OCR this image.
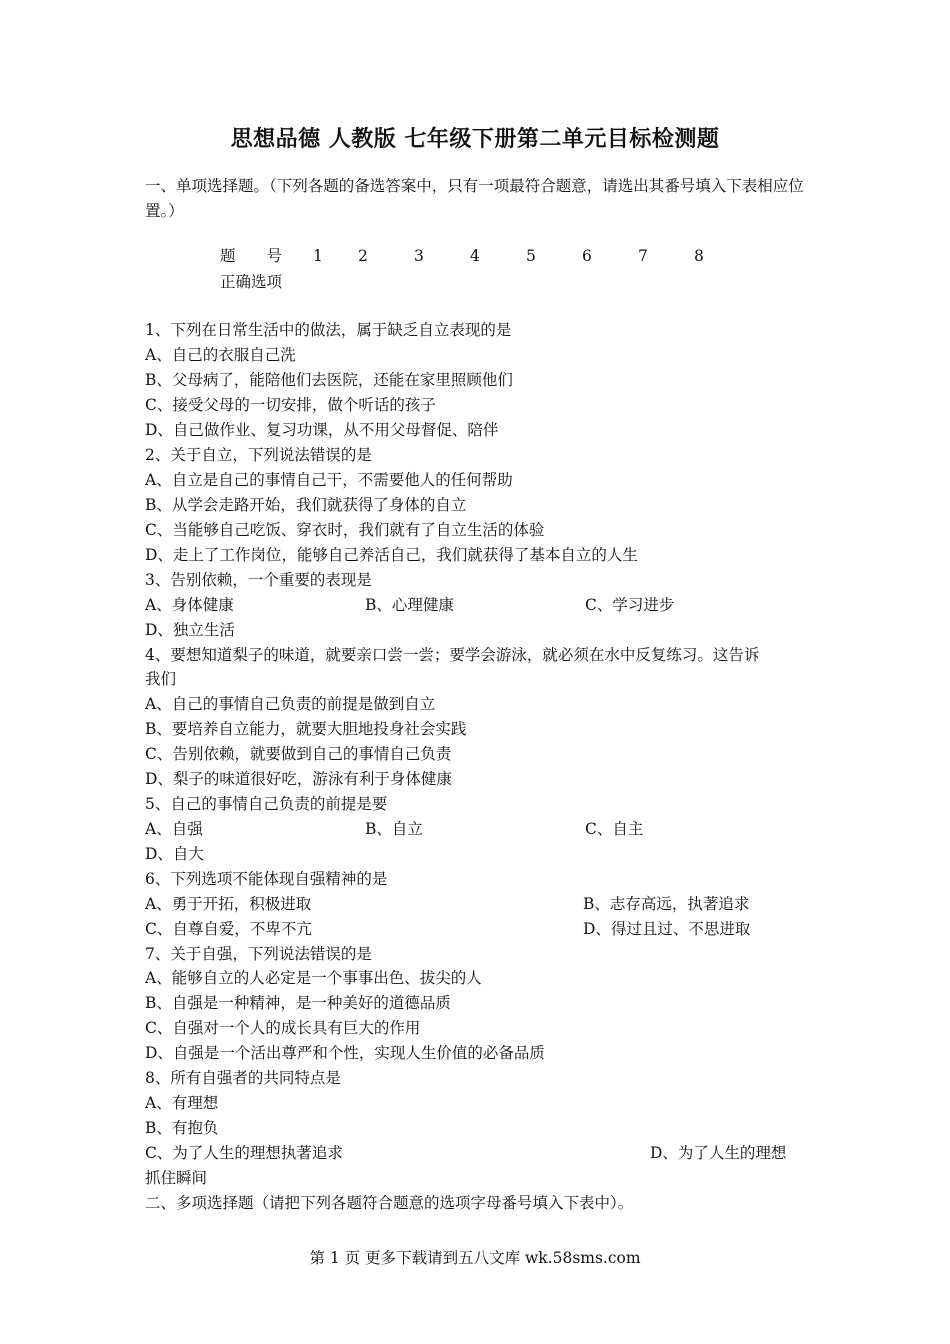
思想品德 人教版 七年级下册第二单元目标检测题
一、单项选择题。（下列各题的备选答案中，只有一项最符合题意，请选出其番号填入下表相应位置。）
题　　号 1 2	3	4	5	6	7	8
正确选项
1、下列在日常生活中的做法，属于缺乏自立表现的是
A、自己的衣服自己洗
B、父母病了，能陪他们去医院，还能在家里照顾他们
C、接受父母的一切安排，做个听话的孩子
D、自己做作业、复习功课，从不用父母督促、陪伴
2、关于自立，下列说法错误的是
A、自立是自己的事情自己干，不需要他人的任何帮助
B、从学会走路开始，我们就获得了身体的自立
C、当能够自己吃饭、穿衣时，我们就有了自立生活的体验
D、走上了工作岗位，能够自己养活自己，我们就获得了基本自立的人生
3、告别依赖，一个重要的表现是
A、身体健康	B、心理健康	C、学习进步
D、独立生活
4、要想知道梨子的味道，就要亲口尝一尝；要学会游泳，就必须在水中反复练习。这告诉
我们
A、自己的事情自己负责的前提是做到自立
B、要培养自立能力，就要大胆地投身社会实践
C、告别依赖，就要做到自己的事情自己负责
D、梨子的味道很好吃，游泳有利于身体健康
5、自己的事情自己负责的前提是要
A、自强	B、自立	C、自主
D、自大
6、下列选项不能体现自强精神的是
A、勇于开拓，积极进取	B、志存高远，执著追求
C、自尊自爱，不卑不亢	D、得过且过、不思进取
7、关于自强，下列说法错误的是
A、能够自立的人必定是一个事事出色、拔尖的人
B、自强是一种精神，是一种美好的道德品质
C、自强对一个人的成长具有巨大的作用
D、自强是一个活出尊严和个性，实现人生价值的必备品质
8、所有自强者的共同特点是
A、有理想
B、有抱负
C、为了人生的理想执著追求	D、为了人生的理想
抓住瞬间
二、多项选择题（请把下列各题符合题意的选项字母番号填入下表中）。
第 1 页 更多下载请到五八文库 wk.58sms.com
